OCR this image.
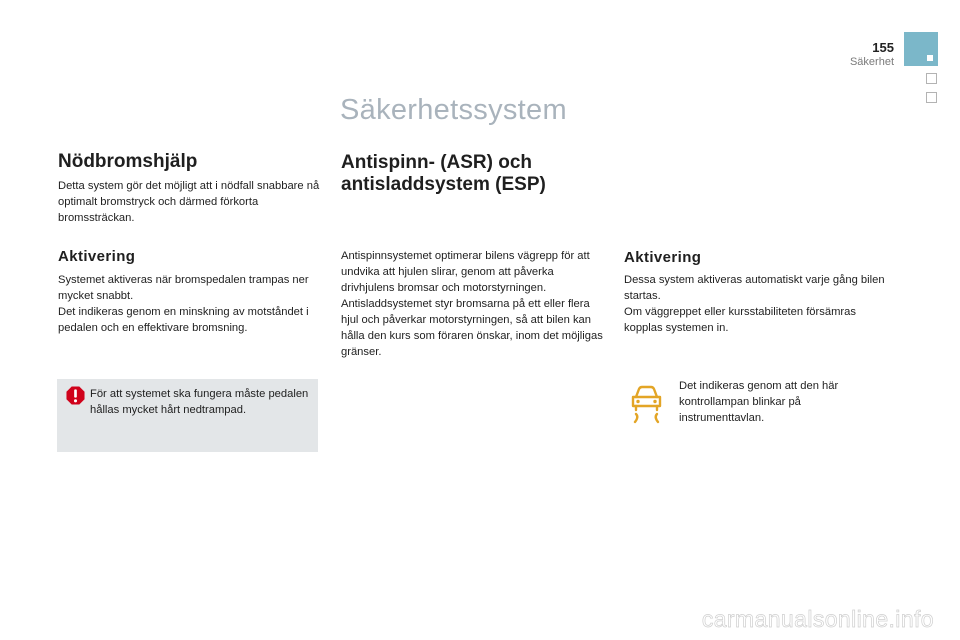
155
Säkerhet
Säkerhetssystem
Nödbromshjälp

Detta system gör det möjligt att i nödfall snabbare nå optimalt bromstryck och därmed förkorta bromssträckan.

Aktivering

Systemet aktiveras när bromspedalen trampas ner mycket snabbt.
Det indikeras genom en minskning av motståndet i pedalen och en effektivare bromsning.

För att systemet ska fungera måste pedalen hållas mycket hårt nedtrampad.
Antispinn- (ASR) och antisladdsystem (ESP)

Antispinnsystemet optimerar bilens vägrepp för att undvika att hjulen slirar, genom att påverka drivhjulens bromsar och motorstyrningen.
Antisladdsystemet styr bromsarna på ett eller flera hjul och påverkar motorstyrningen, så att bilen kan hålla den kurs som föraren önskar, inom det möjligas gränser.

Aktivering

Dessa system aktiveras automatiskt varje gång bilen startas.
Om väggreppet eller kursstabiliteten försämras kopplas systemen in.

Det indikeras genom att den här kontrollampan blinkar på instrumenttavlan.

carmanualsonline.info
